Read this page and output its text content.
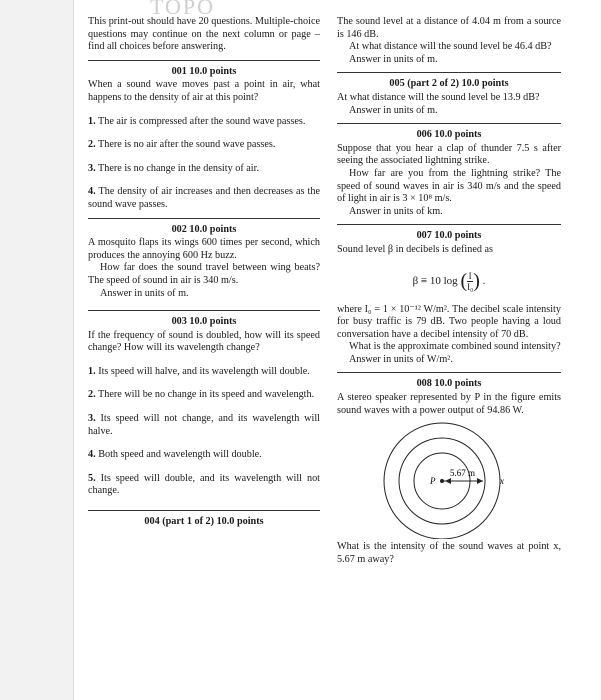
TOPO

This print-out should have 20 questions. Multiple-choice questions may continue on the next column or page – find all choices before answering.

001 10.0 points

When a sound wave moves past a point in air, what happens to the density of air at this point?

1. The air is compressed after the sound wave passes.

2. There is no air after the sound wave passes.

3. There is no change in the density of air.

4. The density of air increases and then decreases as the sound wave passes.

002 10.0 points

A mosquito flaps its wings 600 times per second, which produces the annoying 600 Hz buzz.

How far does the sound travel between wing beats? The speed of sound in air is 340 m/s.

Answer in units of m.

003 10.0 points

If the frequency of sound is doubled, how will its speed change? How will its wavelength change?

1. Its speed will halve, and its wavelength will double.

2. There will be no change in its speed and wavelength.

3. Its speed will not change, and its wavelength will halve.

4. Both speed and wavelength will double.

5. Its speed will double, and its wavelength will not change.

004 (part 1 of 2) 10.0 points

The sound level at a distance of 4.04 m from a source is 146 dB.

At what distance will the sound level be 46.4 dB?

Answer in units of m.

005 (part 2 of 2) 10.0 points

At what distance will the sound level be 13.9 dB?

Answer in units of m.

006 10.0 points

Suppose that you hear a clap of thunder 7.5 s after seeing the associated lightning strike.

How far are you from the lightning strike? The speed of sound waves in air is 340 m/s and the speed of light in air is 3 × 10⁸ m/s.

Answer in units of km.

007 10.0 points

Sound level β in decibels is defined as

β ≡ 10 log ( $\frac{I}{\text{I₀}}$ ) .

where I₀ = 1 × 10⁻¹² W/m². The decibel scale intensity for busy traffic is 79 dB. Two people having a loud conversation have a decibel intensity of 70 dB.

What is the approximate combined sound intensity?

Answer in units of W/m².

008 10.0 points

A stereo speaker represented by P in the figure emits sound waves with a power output of 94.86 W.

P
5.67 m
x

What is the intensity of the sound waves at point x, 5.67 m away?
